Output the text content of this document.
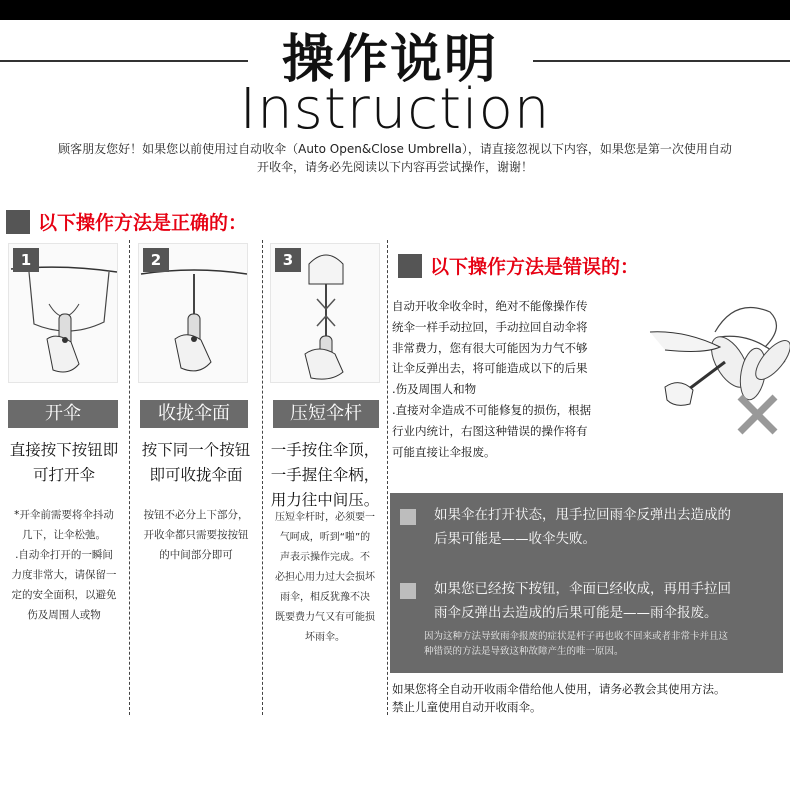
操作说明
Instruction
顾客朋友您好！如果您以前使用过自动收伞（Auto Open&Close Umbrella），请直接忽视以下内容，如果您是第一次使用自动
开收伞，请务必先阅读以下内容再尝试操作，谢谢！
以下操作方法是正确的：
以下操作方法是错误的：
1
开伞
直接按下按钮即
可打开伞
*开伞前需要将伞抖动
几下，让伞松弛。
.自动伞打开的一瞬间
力度非常大，请保留一
定的安全面积，以避免
伤及周围人或物
2
收拢伞面
按下同一个按钮
即可收拢伞面
按钮不必分上下部分，
开收伞都只需要按按钮
的中间部分即可
3
压短伞杆
一手按住伞顶，
一手握住伞柄，
用力往中间压。
压短伞杆时，必须要一
气呵成，听到“啪”的
声表示操作完成。不
必担心用力过大会损坏
雨伞，相反犹豫不决
既要费力气又有可能损
坏雨伞。
自动开收伞收伞时，绝对不能像操作传
统伞一样手动拉回，手动拉回自动伞将
非常费力，您有很大可能因为力气不够
让伞反弹出去，将可能造成以下的后果
.伤及周围人和物
.直接对伞造成不可能修复的损伤，根据
行业内统计，右图这种错误的操作将有
可能直接让伞报废。
如果伞在打开状态，甩手拉回雨伞反弹出去造成的
后果可能是——收伞失败。
如果您已经按下按钮，伞面已经收成，再用手拉回
雨伞反弹出去造成的后果可能是——雨伞报废。
因为这种方法导致雨伞报废的症状是杆子再也收不回来或者非常卡并且这
种错误的方法是导致这种故障产生的唯一原因。
如果您将全自动开收雨伞借给他人使用，请务必教会其使用方法。
禁止儿童使用自动开收雨伞。
